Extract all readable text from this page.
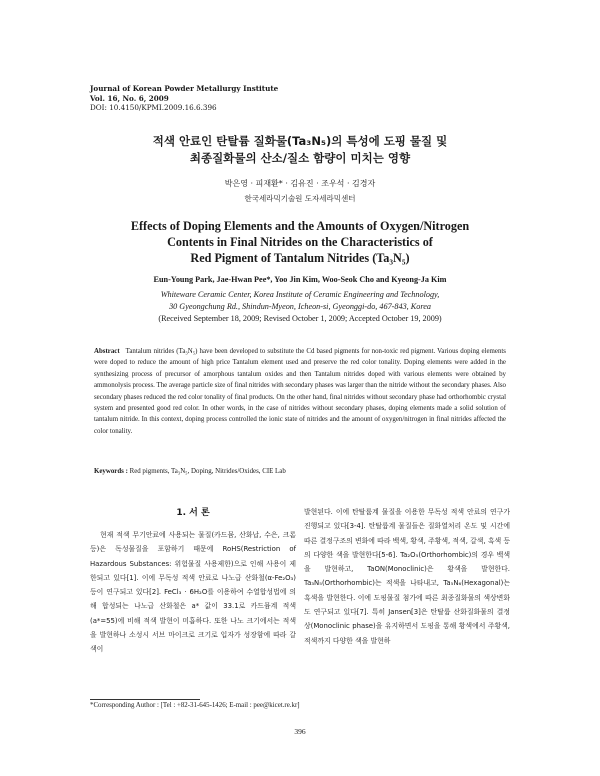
Journal of Korean Powder Metallurgy Institute
Vol. 16, No. 6, 2009
DOI: 10.4150/KPMI.2009.16.6.396
적색 안료인 탄탈륨 질화물(Ta₃N₅)의 특성에 도핑 물질 및
최종질화물의 산소/질소 함량이 미치는 영향
박은영 · 피재환* · 김유진 · 조우석 · 김경자
한국세라믹기술원 도자세라믹센터
Effects of Doping Elements and the Amounts of Oxygen/Nitrogen
Contents in Final Nitrides on the Characteristics of
Red Pigment of Tantalum Nitrides (Ta₃N₅)
Eun-Young Park, Jae-Hwan Pee*, Yoo Jin Kim, Woo-Seok Cho and Kyeong-Ja Kim
Whiteware Ceramic Center, Korea Institute of Ceramic Engineering and Technology,
30 Gyeongchung Rd., Shindun-Myeon, Icheon-si, Gyeonggi-do, 467-843, Korea
(Received September 18, 2009; Revised October 1, 2009; Accepted October 19, 2009)
Abstract Tantalum nitrides (Ta₃N₅) have been developed to substitute the Cd based pigments for non-toxic red pigment. Various doping elements were doped to reduce the amount of high price Tantalum element used and preserve the red color tonality. Doping elements were added in the synthesizing process of precursor of amorphous tantalum oxides and then Tantalum nitrides doped with various elements were obtained by ammonolysis process. The average particle size of final nitrides with secondary phases was larger than the nitride without the secondary phases. Also secondary phases reduced the red color tonality of final products. On the other hand, final nitrides without secondary phase had orthorhombic crystal system and presented good red color. In other words, in the case of nitrides without secondary phases, doping elements made a solid solution of tantalum nitride. In this context, doping process controlled the ionic state of nitrides and the amount of oxygen/nitrogen in final nitrides affected the color tonality.
Keywords : Red pigments, Ta₃N₅, Doping, Nitrides/Oxides, CIE Lab
1. 서 론

현재 적색 무기안료에 사용되는 물질(카드뮴, 산화납, 수은, 크롬 등)은 독성물질을 포함하기 때문에 RoHS(Restriction of Hazardous Substances: 위험물질 사용제한)으로 인해 사용이 제한되고 있다[1]. 이에 무독성 적색 안료로 나노급 산화철(α-Fe₂O₃) 등이 연구되고 있다[2]. FeCl₃ · 6H₂O를 이용하여 수열합성법에 의해 합성되는 나노급 산화철은 a* 값이 33.1로 카드뮴계 적색(a*=55)에 비해 적색 발현이 미흡하다. 또한 나노 크기에서는 적색을 발현하나 소성시 서브 마이크로 크기로 입자가 성장함에 따라 갈색이

발현된다. 이에 탄탈륨계 물질을 이용한 무독성 적색 안료의 연구가 진행되고 있다[3-4]. 탄탈륨계 물질들은 질화열처리 온도 및 시간에 따른 결정구조의 변화에 따라 백색, 황색, 주황색, 적색, 갈색, 흑색 등의 다양한 색을 발현한다[5-6]. Ta₂O₅(Orthorhombic)의 경우 백색을 발현하고, TaON(Monoclinic)은 황색을 발현한다. Ta₃N₅(Orthorhombic)는 적색을 나타내고, Ta₅N₆(Hexagonal)는 흑색을 발현한다. 이에 도핑물질 첨가에 따른 최종질화물의 색상변화도 연구되고 있다[7]. 특히 Jansen[3]은 탄탈륨 산화질화물의 결정상(Monoclinic phase)을 유지하면서 도핑을 통해 황색에서 주황색, 적색까지 다양한 색을 발현하

*Corresponding Author : [Tel : +82-31-645-1426; E-mail : pee@kicet.re.kr]
396
